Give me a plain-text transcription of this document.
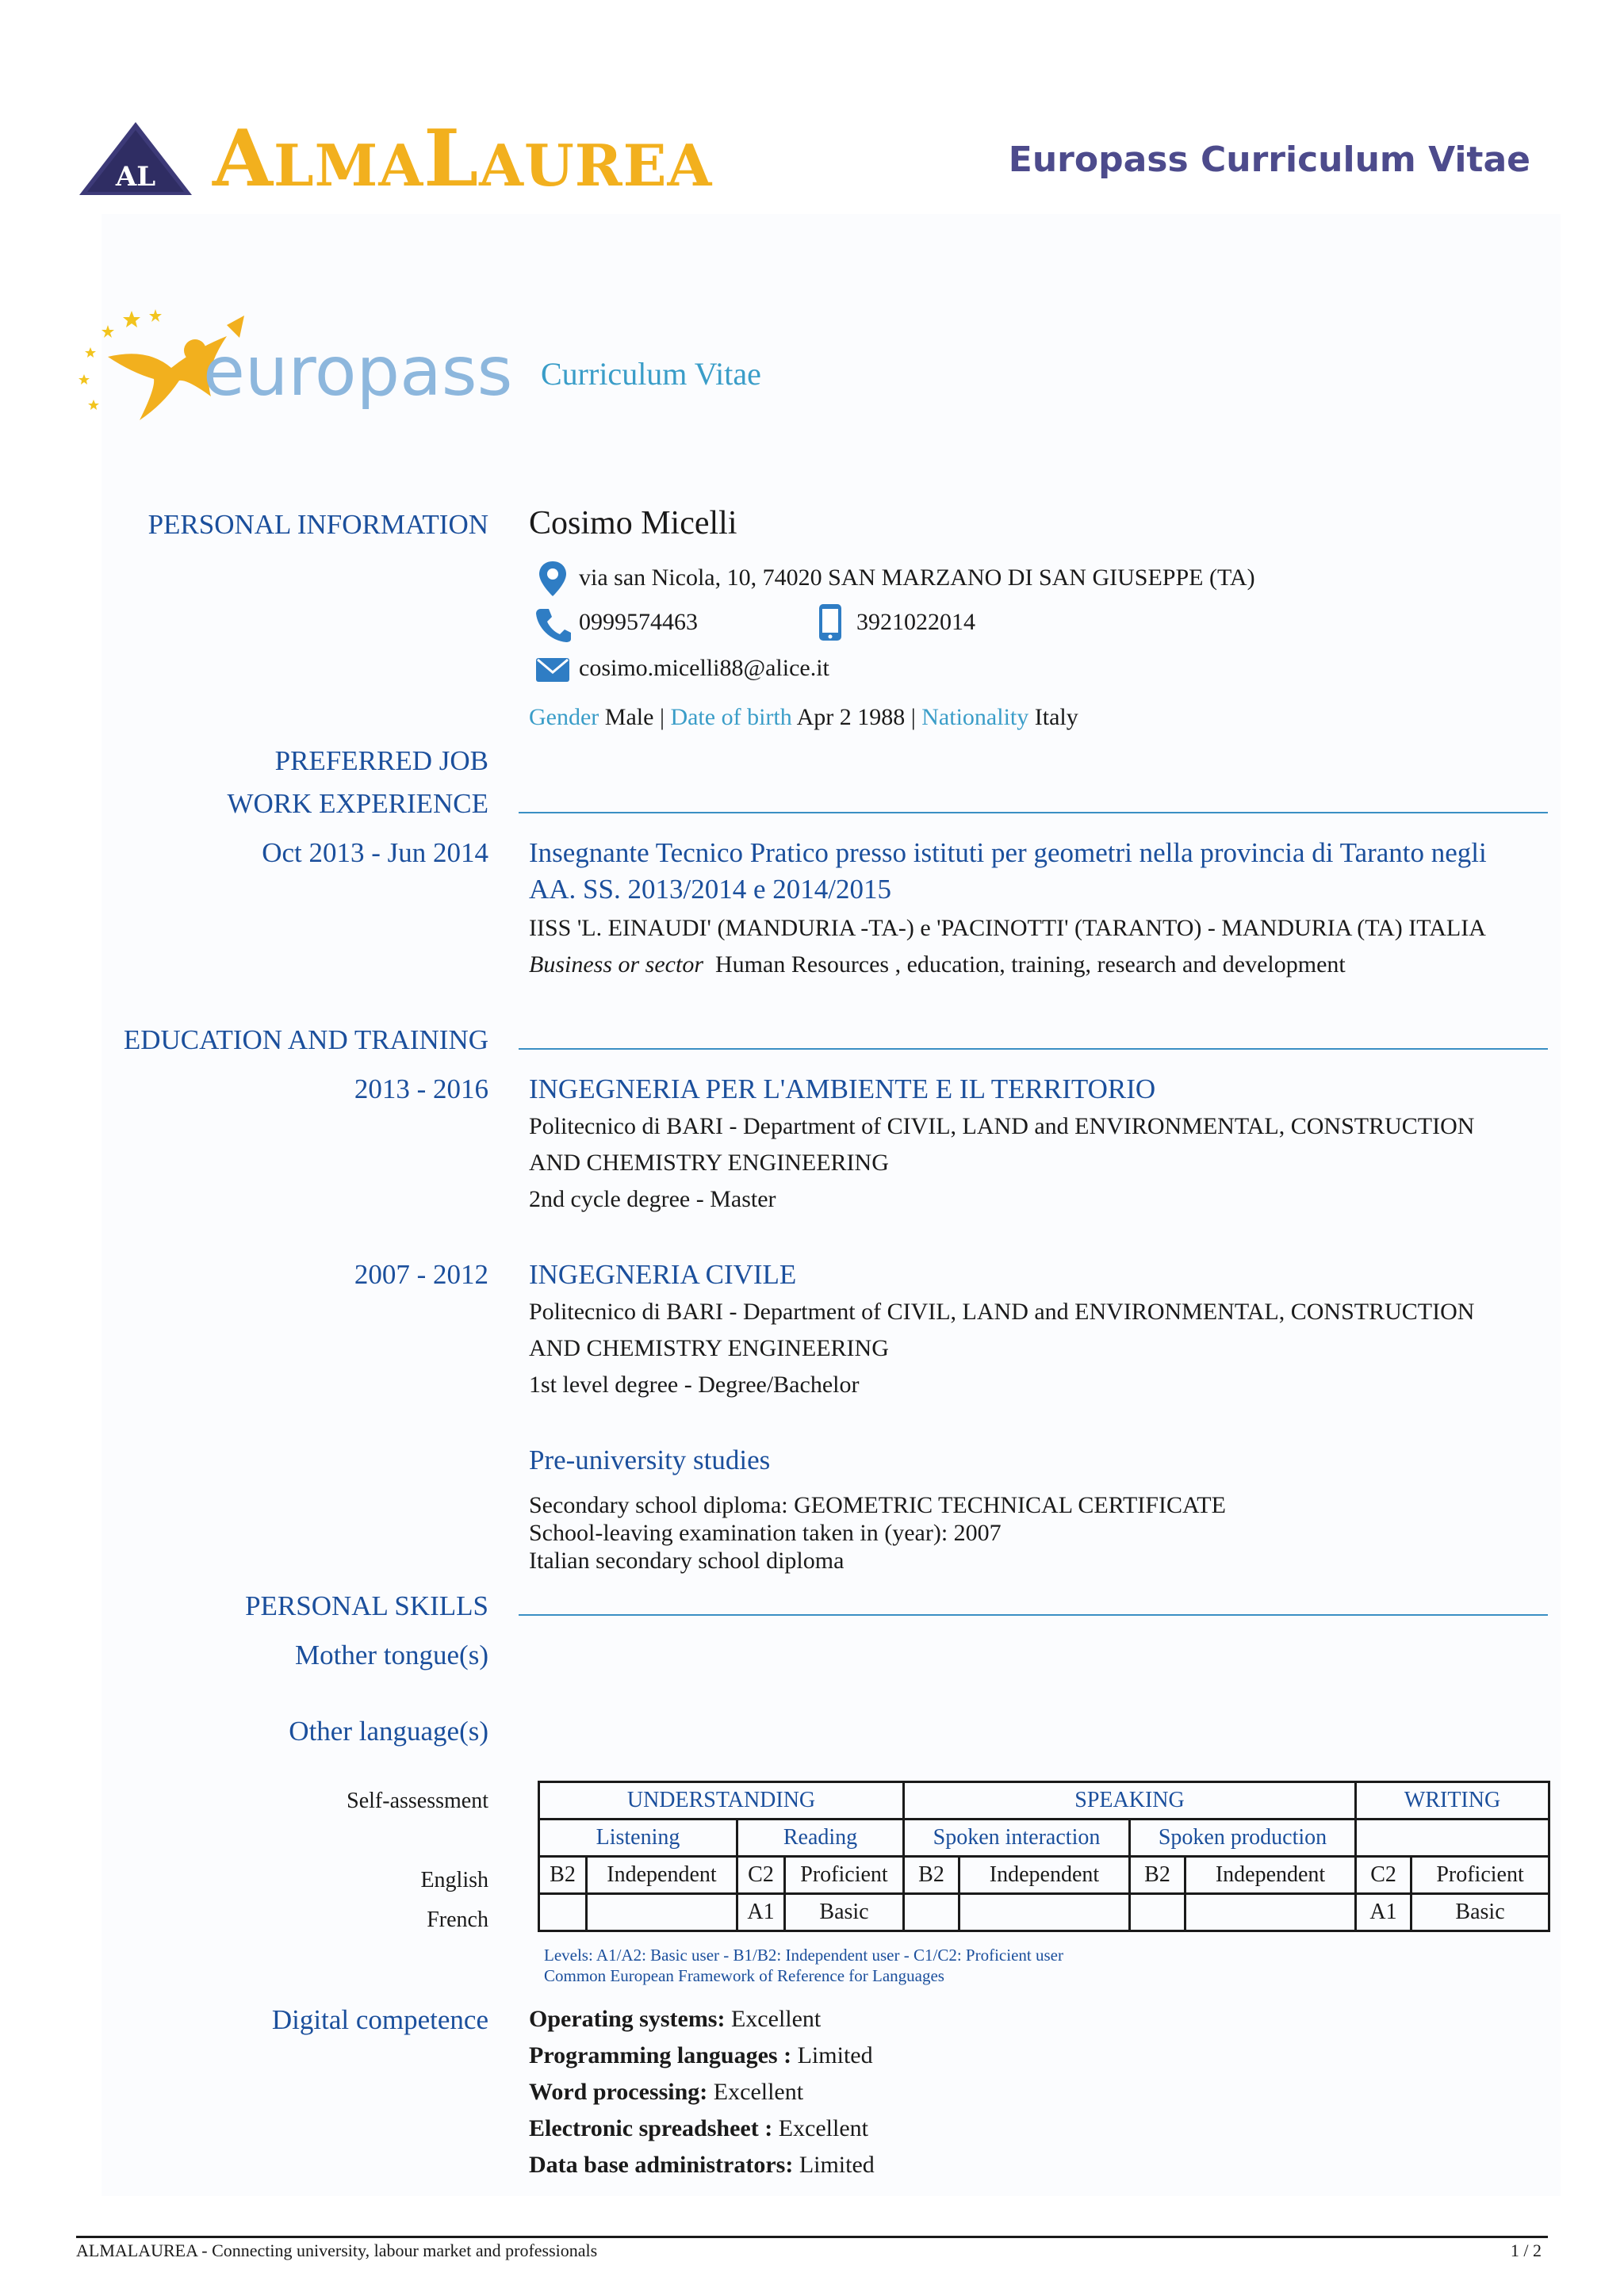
AL ALMALAUREA	Europass Curriculum Vitae
europass Curriculum Vitae
PERSONAL INFORMATION Cosimo Micelli
via san Nicola, 10, 74020 SAN MARZANO DI SAN GIUSEPPE (TA)
0999574463	3921022014
cosimo.micelli88@alice.it
Gender Male | Date of birth Apr 2 1988 | Nationality Italy
PREFERRED JOB
WORK EXPERIENCE
Oct 2013 - Jun 2014 Insegnante Tecnico Pratico presso istituti per geometri nella provincia di Taranto negli
AA. SS. 2013/2014 e 2014/2015
IISS 'L. EINAUDI' (MANDURIA -TA-) e 'PACINOTTI' (TARANTO) - MANDURIA (TA) ITALIA
Business or sector Human Resources , education, training, research and development
EDUCATION AND TRAINING
2013 - 2016 INGEGNERIA PER L'AMBIENTE E IL TERRITORIO
Politecnico di BARI - Department of CIVIL, LAND and ENVIRONMENTAL, CONSTRUCTION
AND CHEMISTRY ENGINEERING
2nd cycle degree - Master
2007 - 2012 INGEGNERIA CIVILE
Politecnico di BARI - Department of CIVIL, LAND and ENVIRONMENTAL, CONSTRUCTION
AND CHEMISTRY ENGINEERING
1st level degree - Degree/Bachelor
Pre-university studies
Secondary school diploma: GEOMETRIC TECHNICAL CERTIFICATE
School-leaving examination taken in (year): 2007
Italian secondary school diploma
PERSONAL SKILLS
Mother tongue(s)
Other language(s)
Self-assessment
English
French
UNDERSTANDING				SPEAKING				WRITING	
Listening		Reading		Spoken interaction		Spoken production			
B2	Independent	C2	Proficient	B2	Independent	B2	Independent	C2	Proficient
		A1	Basic					A1	Basic
Levels: A1/A2: Basic user - B1/B2: Independent user - C1/C2: Proficient user
Common European Framework of Reference for Languages
Digital competence Operating systems: Excellent
Programming languages : Limited
Word processing: Excellent
Electronic spreadsheet : Excellent
Data base administrators: Limited
ALMALAUREA - Connecting university, labour market and professionals	1 / 2
